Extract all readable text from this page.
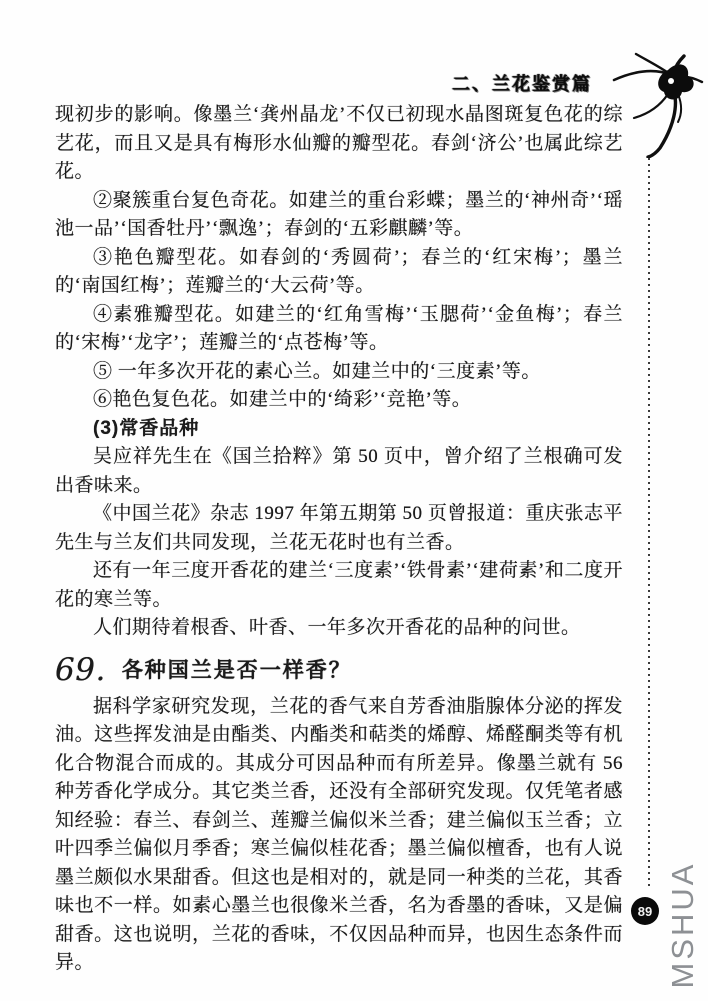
二、兰花鉴赏篇
89 MSHUA

现初步的影响。像墨兰‘龚州晶龙’不仅已初现水晶图斑复色花的综艺花，而且又是具有梅形水仙瓣的瓣型花。春剑‘济公’也属此综艺花。

②聚簇重台复色奇花。如建兰的重台彩蝶；墨兰的‘神州奇’‘瑶池一品’‘国香牡丹’‘飘逸’；春剑的‘五彩麒麟’等。

③艳色瓣型花。如春剑的‘秀圆荷’；春兰的‘红宋梅’；墨兰的‘南国红梅’；莲瓣兰的‘大云荷’等。

④素雅瓣型花。如建兰的‘红角雪梅’‘玉腮荷’‘金鱼梅’；春兰的‘宋梅’‘龙字’；莲瓣兰的‘点苍梅’等。

⑤ 一年多次开花的素心兰。如建兰中的‘三度素’等。

⑥艳色复色花。如建兰中的‘绮彩’‘竞艳’等。

(3)常香品种

吴应祥先生在《国兰拾粹》第 50 页中，曾介绍了兰根确可发出香味来。

《中国兰花》杂志 1997 年第五期第 50 页曾报道：重庆张志平先生与兰友们共同发现，兰花无花时也有兰香。

还有一年三度开香花的建兰‘三度素’‘铁骨素’‘建荷素’和二度开花的寒兰等。

人们期待着根香、叶香、一年多次开香花的品种的问世。

69. 各种国兰是否一样香？

据科学家研究发现，兰花的香气来自芳香油脂腺体分泌的挥发油。这些挥发油是由酯类、内酯类和萜类的烯醇、烯醛酮类等有机化合物混合而成的。其成分可因品种而有所差异。像墨兰就有 56 种芳香化学成分。其它类兰香，还没有全部研究发现。仅凭笔者感知经验：春兰、春剑兰、莲瓣兰偏似米兰香；建兰偏似玉兰香；立叶四季兰偏似月季香；寒兰偏似桂花香；墨兰偏似檀香，也有人说墨兰颇似水果甜香。但这也是相对的，就是同一种类的兰花，其香味也不一样。如素心墨兰也很像米兰香，名为香墨的香味，又是偏甜香。这也说明，兰花的香味，不仅因品种而异，也因生态条件而异。
